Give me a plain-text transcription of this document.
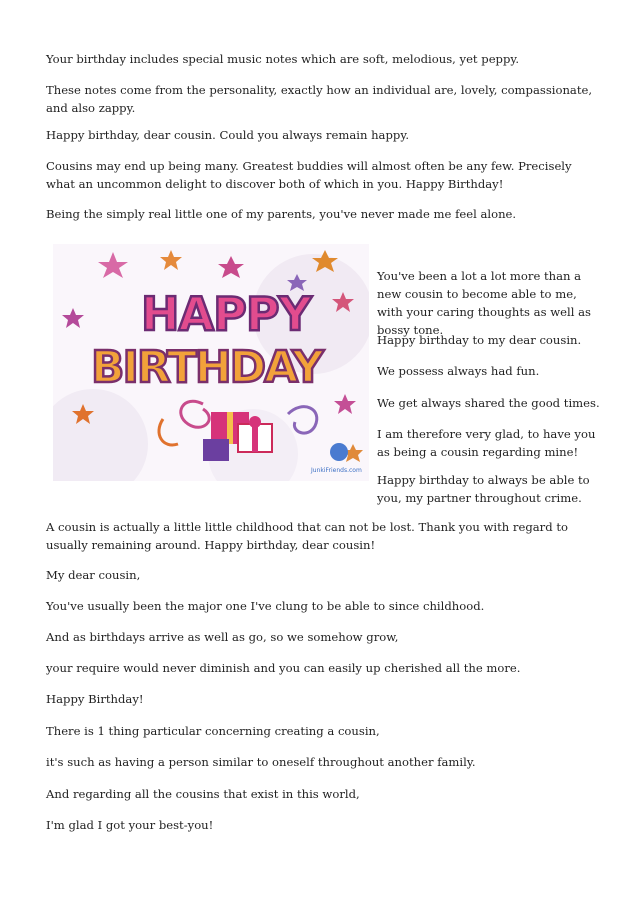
Your birthday includes special music notes which are soft, melodious, yet peppy.

These notes come from the personality, exactly how an individual are, lovely, compassionate, and also zappy.

Happy birthday, dear cousin. Could you always remain happy.

Cousins may end up being many. Greatest buddies will almost often be any few. Precisely what an uncommon delight to discover both of which in you. Happy Birthday!

Being the simply real little one of my parents, you've never made me feel alone.

HAPPY
BIRTHDAY
JunkiFriends.com

You've been a lot a lot more than a new cousin to become able to me, with your caring thoughts as well as bossy tone.

Happy birthday to my dear cousin.

We possess always had fun.

We get always shared the good times.

I am therefore very glad, to have you as being a cousin regarding mine!

Happy birthday to always be able to you, my partner throughout crime.

A cousin is actually a little little childhood that can not be lost. Thank you with regard to usually remaining around. Happy birthday, dear cousin!

My dear cousin,

You've usually been the major one I've clung to be able to since childhood.

And as birthdays arrive as well as go, so we somehow grow,

your require would never diminish and you can easily up cherished all the more.

Happy Birthday!

There is 1 thing particular concerning creating a cousin,

it's such as having a person similar to oneself throughout another family.

And regarding all the cousins that exist in this world,

I'm glad I got your best-you!
